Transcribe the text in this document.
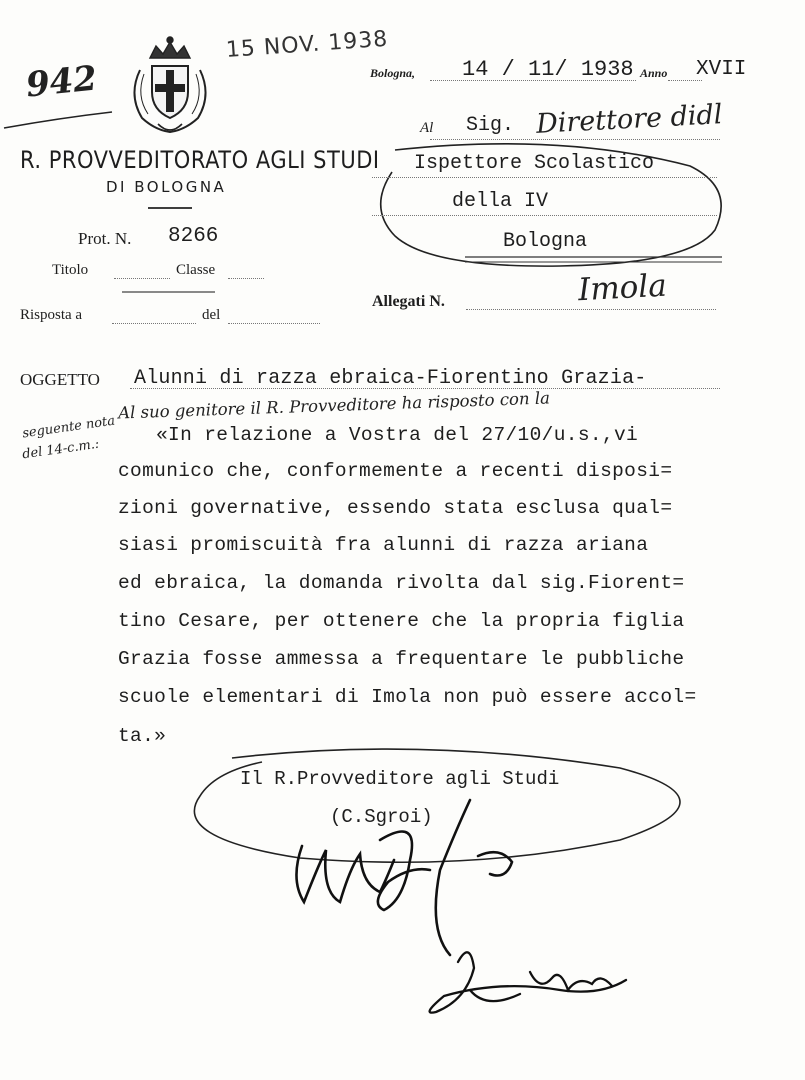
942
15 NOV. 1938
R. PROVVEDITORATO AGLI STUDI
DI BOLOGNA
Prot. N. 8266
Titolo	Classe
Risposta a	del
Bologna, 14 / 11/ 1938 Anno XVII
Al Sig. Direttore didl
Ispettore Scolastico
della IV
Bologna
Allegati N.	Imola
OGGETTO Alunni di razza ebraica-Fiorentino Grazia-
Al suo genitore il R. Provveditore ha risposto con la
seguente nota
del 14-c.m.:
«In relazione a Vostra del 27/10/u.s.,vi
comunico che, conformemente a recenti disposi=
zioni governative, essendo stata esclusa qual=
siasi promiscuità fra alunni di razza ariana
ed ebraica, la domanda rivolta dal sig.Fiorent=
tino Cesare, per ottenere che la propria figlia
Grazia fosse ammessa a frequentare le pubbliche
scuole elementari di Imola non può essere accol=
ta.»
Il R.Provveditore agli Studi
(C.Sgroi)
